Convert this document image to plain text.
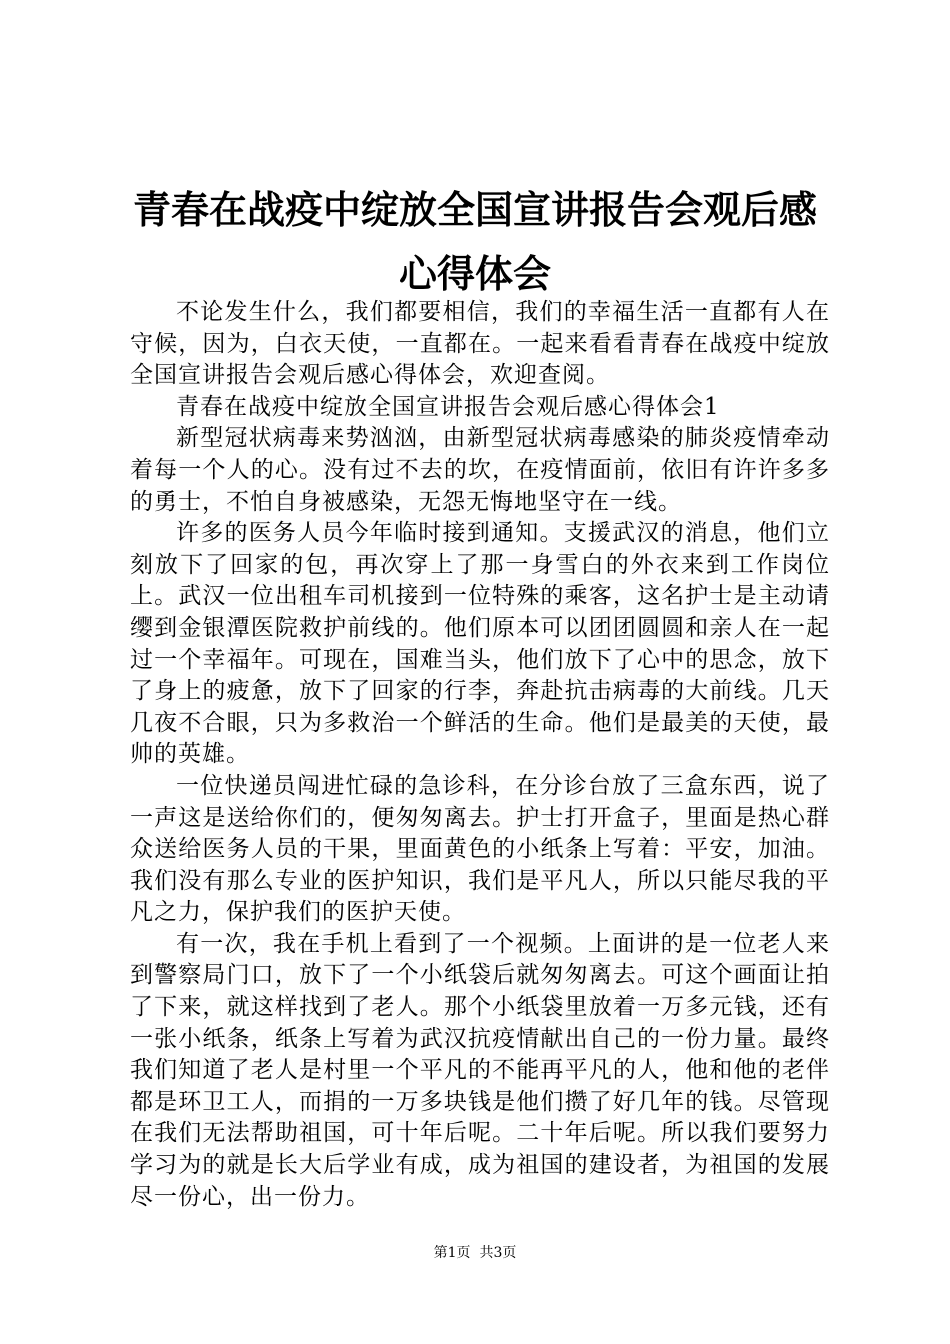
青春在战疫中绽放全国宣讲报告会观后感心得体会

不论发生什么，我们都要相信，我们的幸福生活一直都有人在守候，因为，白衣天使，一直都在。一起来看看青春在战疫中绽放全国宣讲报告会观后感心得体会，欢迎查阅。

青春在战疫中绽放全国宣讲报告会观后感心得体会1

新型冠状病毒来势汹汹，由新型冠状病毒感染的肺炎疫情牵动着每一个人的心。没有过不去的坎，在疫情面前，依旧有许许多多的勇士，不怕自身被感染，无怨无悔地坚守在一线。

许多的医务人员今年临时接到通知。支援武汉的消息，他们立刻放下了回家的包，再次穿上了那一身雪白的外衣来到工作岗位上。武汉一位出租车司机接到一位特殊的乘客，这名护士是主动请缨到金银潭医院救护前线的。他们原本可以团团圆圆和亲人在一起过一个幸福年。可现在，国难当头，他们放下了心中的思念，放下了身上的疲惫，放下了回家的行李，奔赴抗击病毒的大前线。几天几夜不合眼，只为多救治一个鲜活的生命。他们是最美的天使，最帅的英雄。

一位快递员闯进忙碌的急诊科，在分诊台放了三盒东西，说了一声这是送给你们的，便匆匆离去。护士打开盒子，里面是热心群众送给医务人员的干果，里面黄色的小纸条上写着：平安，加油。我们没有那么专业的医护知识，我们是平凡人，所以只能尽我的平凡之力，保护我们的医护天使。

有一次，我在手机上看到了一个视频。上面讲的是一位老人来到警察局门口，放下了一个小纸袋后就匆匆离去。可这个画面让拍了下来，就这样找到了老人。那个小纸袋里放着一万多元钱，还有一张小纸条，纸条上写着为武汉抗疫情献出自己的一份力量。最终我们知道了老人是村里一个平凡的不能再平凡的人，他和他的老伴都是环卫工人，而捐的一万多块钱是他们攒了好几年的钱。尽管现在我们无法帮助祖国，可十年后呢。二十年后呢。所以我们要努力学习为的就是长大后学业有成，成为祖国的建设者，为祖国的发展尽一份心，出一份力。

第1页  共3页
